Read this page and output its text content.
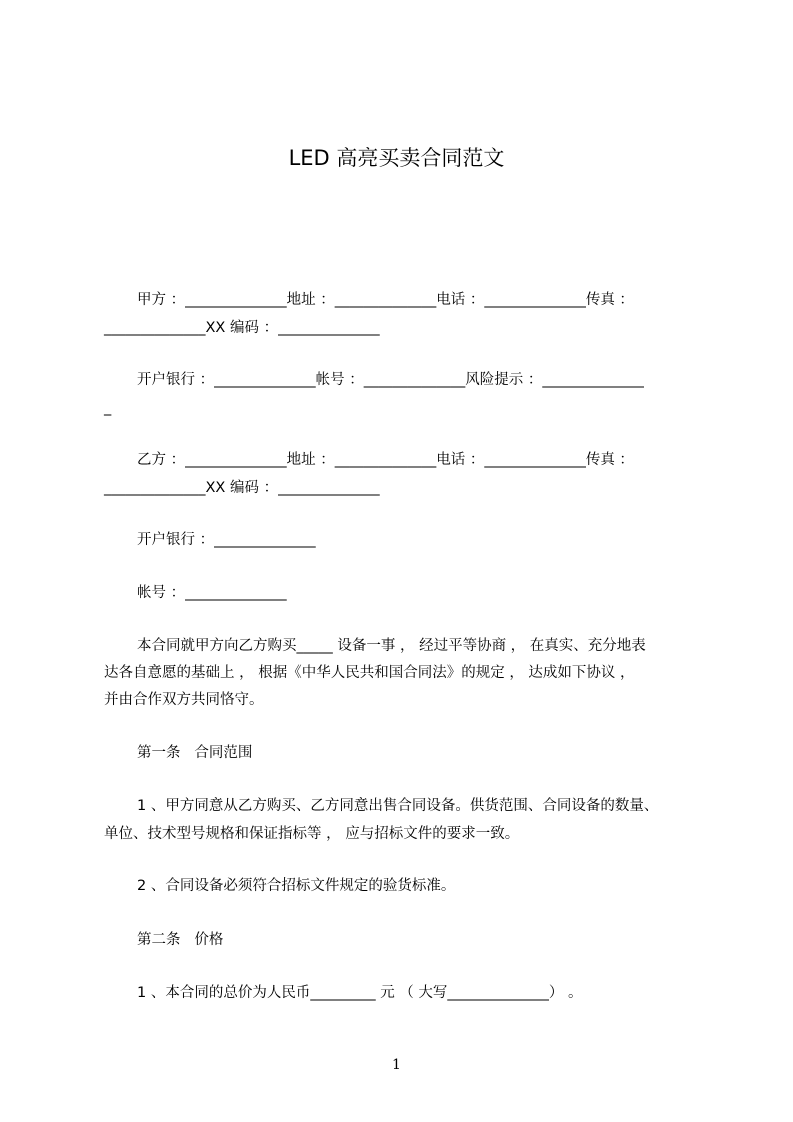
LED 高亮买卖合同范文
甲方 ：______________地址 ：______________电话 ：______________传真 ：
______________XX 编码 ：______________
开户银行 ：______________帐号 ：______________风险提示 ：______________
_
乙方 ：______________地址 ：______________电话 ：______________传真 ：
______________XX 编码 ：______________
开户银行 ：______________
帐号 ：______________
本合同就甲方向乙方购买_____ 设备一事 ， 经过平等协商 ， 在真实、充分地表
达各自意愿的基础上 ， 根据《中华人民共和国合同法》的规定 ， 达成如下协议 ，
并由合作双方共同恪守。
第一条   合同范围
1 、甲方同意从乙方购买、乙方同意出售合同设备。供货范围、合同设备的数量、
单位、技术型号规格和保证指标等 ， 应与招标文件的要求一致。
2 、合同设备必须符合招标文件规定的验货标准。
第二条   价格
1 、本合同的总价为人民币_________ 元 （ 大写______________） 。
1
